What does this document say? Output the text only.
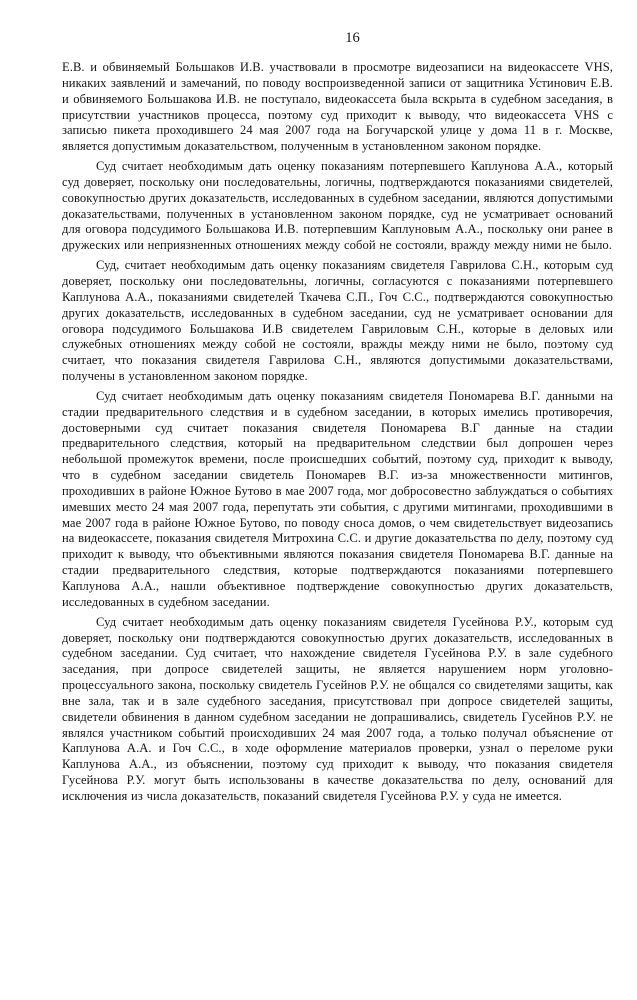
16

Е.В. и обвиняемый Большаков И.В. участвовали в просмотре видеозаписи на видеокассете VHS, никаких заявлений и замечаний, по поводу воспроизведенной записи от защитника Устинович Е.В. и обвиняемого Большакова И.В. не поступало, видеокассета была вскрыта в судебном заседания, в присутствии участников процесса, поэтому суд приходит к выводу, что видеокассета VHS с записью пикета проходившего 24 мая 2007 года на Богучарской улице у дома 11 в г. Москве, является допустимым доказательством, полученным в установленном законом порядке.

Суд считает необходимым дать оценку показаниям потерпевшего Каплунова А.А., который суд доверяет, поскольку они последовательны, логичны, подтверждаются показаниями свидетелей, совокупностью других доказательств, исследованных в судебном заседании, являются допустимыми доказательствами, полученных в установленном законом порядке, суд не усматривает оснований для оговора подсудимого Большакова И.В. потерпевшим Каплуновым А.А., поскольку они ранее в дружеских или неприязненных отношениях между собой не состояли, вражду между ними не было.

Суд, считает необходимым дать оценку показаниям свидетеля Гаврилова С.Н., которым суд доверяет, поскольку они последовательны, логичны, согласуются с показаниями потерпевшего Каплунова А.А., показаниями свидетелей Ткачева С.П., Гоч С.С., подтверждаются совокупностью других доказательств, исследованных в судебном заседании, суд не усматривает основании для оговора подсудимого Большакова И.В свидетелем Гавриловым С.Н., которые в деловых или служебных отношениях между собой не состояли, вражды между ними не было, поэтому суд считает, что показания свидетеля Гаврилова С.Н., являются допустимыми доказательствами, получены в установленном законом порядке.

Суд считает необходимым дать оценку показаниям свидетеля Пономарева В.Г. данными на стадии предварительного следствия и в судебном заседании, в которых имелись противоречия, достоверными суд считает показания свидетеля Пономарева В.Г данные на стадии предварительного следствия, который на предварительном следствии был допрошен через небольшой промежуток времени, после происшедших событий, поэтому суд, приходит к выводу, что в судебном заседании свидетель Пономарев В.Г. из-за множественности митингов, проходивших в районе Южное Бутово в мае 2007 года, мог добросовестно заблуждаться о событиях имевших место 24 мая 2007 года, перепутать эти события, с другими митингами, проходившими в мае 2007 года в районе Южное Бутово, по поводу сноса домов, о чем свидетельствует видеозапись на видеокассете, показания свидетеля Митрохина С.С. и другие доказательства по делу, поэтому суд приходит к выводу, что объективными являются показания свидетеля Пономарева В.Г. данные на стадии предварительного следствия, которые подтверждаются показаниями потерпевшего Каплунова А.А., нашли объективное подтверждение совокупностью других доказательств, исследованных в судебном заседании.

Суд считает необходимым дать оценку показаниям свидетеля Гусейнова Р.У., которым суд доверяет, поскольку они подтверждаются совокупностью других доказательств, исследованных в судебном заседании. Суд считает, что нахождение свидетеля Гусейнова Р.У. в зале судебного заседания, при допросе свидетелей защиты, не является нарушением норм уголовно-процессуального закона, поскольку свидетель Гусейнов Р.У. не общался со свидетелями защиты, как вне зала, так и в зале судебного заседания, присутствовал при допросе свидетелей защиты, свидетели обвинения в данном судебном заседании не допрашивались, свидетель Гусейнов Р.У. не являлся участником событий происходивших 24 мая 2007 года, а только получал объяснение от Каплунова А.А. и Гоч С.С., в ходе оформление материалов проверки, узнал о переломе руки Каплунова А.А., из объяснении, поэтому суд приходит к выводу, что показания свидетеля Гусейнова Р.У. могут быть использованы в качестве доказательства по делу, оснований для исключения из числа доказательств, показаний свидетеля Гусейнова Р.У. у суда не имеется.
